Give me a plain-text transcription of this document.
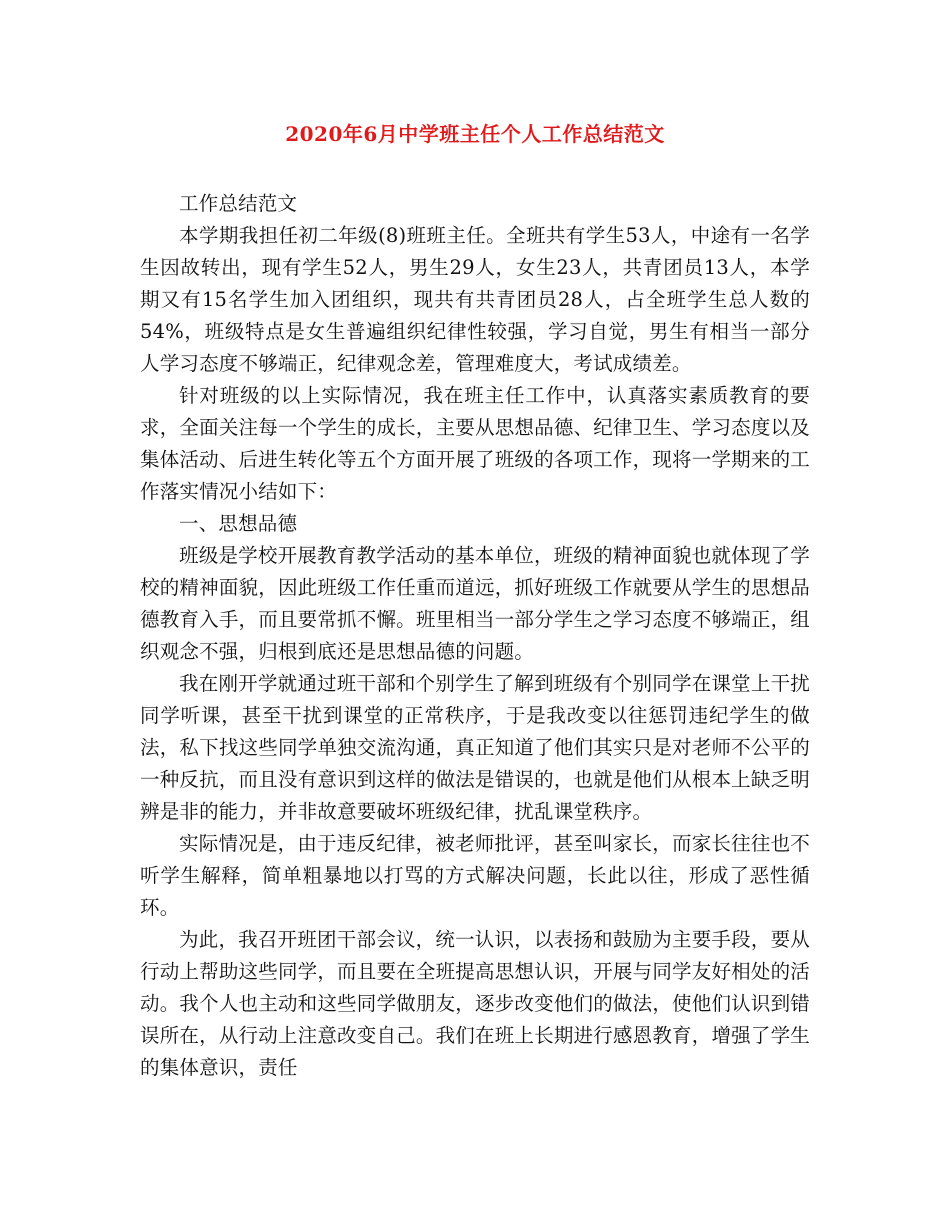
2020年6月中学班主任个人工作总结范文

工作总结范文

本学期我担任初二年级(8)班班主任。全班共有学生53人，中途有一名学生因故转出，现有学生52人，男生29人，女生23人，共青团员13人，本学期又有15名学生加入团组织，现共有共青团员28人，占全班学生总人数的54%，班级特点是女生普遍组织纪律性较强，学习自觉，男生有相当一部分人学习态度不够端正，纪律观念差，管理难度大，考试成绩差。

针对班级的以上实际情况，我在班主任工作中，认真落实素质教育的要求，全面关注每一个学生的成长，主要从思想品德、纪律卫生、学习态度以及集体活动、后进生转化等五个方面开展了班级的各项工作，现将一学期来的工作落实情况小结如下：

一、思想品德

班级是学校开展教育教学活动的基本单位，班级的精神面貌也就体现了学校的精神面貌，因此班级工作任重而道远，抓好班级工作就要从学生的思想品德教育入手，而且要常抓不懈。班里相当一部分学生之学习态度不够端正，组织观念不强，归根到底还是思想品德的问题。

我在刚开学就通过班干部和个别学生了解到班级有个别同学在课堂上干扰同学听课，甚至干扰到课堂的正常秩序，于是我改变以往惩罚违纪学生的做法，私下找这些同学单独交流沟通，真正知道了他们其实只是对老师不公平的一种反抗，而且没有意识到这样的做法是错误的，也就是他们从根本上缺乏明辨是非的能力，并非故意要破坏班级纪律，扰乱课堂秩序。

实际情况是，由于违反纪律，被老师批评，甚至叫家长，而家长往往也不听学生解释，简单粗暴地以打骂的方式解决问题，长此以往，形成了恶性循环。

为此，我召开班团干部会议，统一认识，以表扬和鼓励为主要手段，要从行动上帮助这些同学，而且要在全班提高思想认识，开展与同学友好相处的活动。我个人也主动和这些同学做朋友，逐步改变他们的做法，使他们认识到错误所在，从行动上注意改变自己。我们在班上长期进行感恩教育，增强了学生的集体意识，责任
